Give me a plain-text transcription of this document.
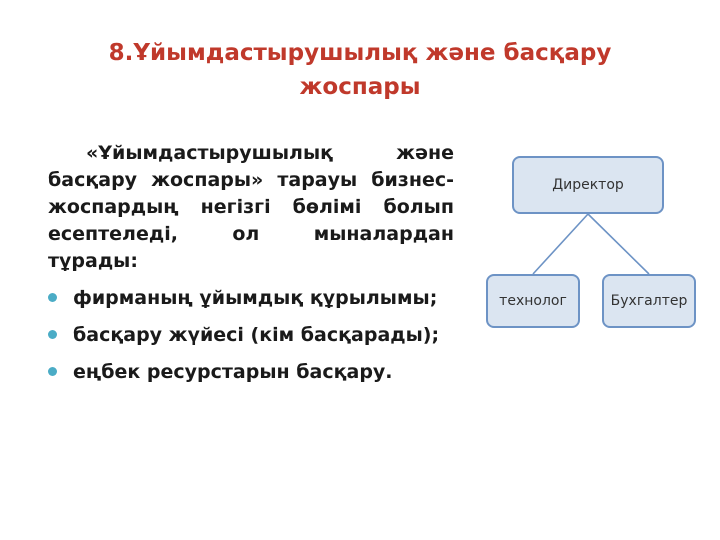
8.Ұйымдастырушылық және басқару жоспары

«Ұйымдастырушылық және басқару жоспары» тарауы бизнес-жоспардың негізгі бөлімі болып есептеледі, ол мыналардан тұрады:

фирманың ұйымдық құрылымы;

басқару жүйесі (кім басқарады);

еңбек ресурстарын басқару.

Директор
технолог	Бухгалтер
